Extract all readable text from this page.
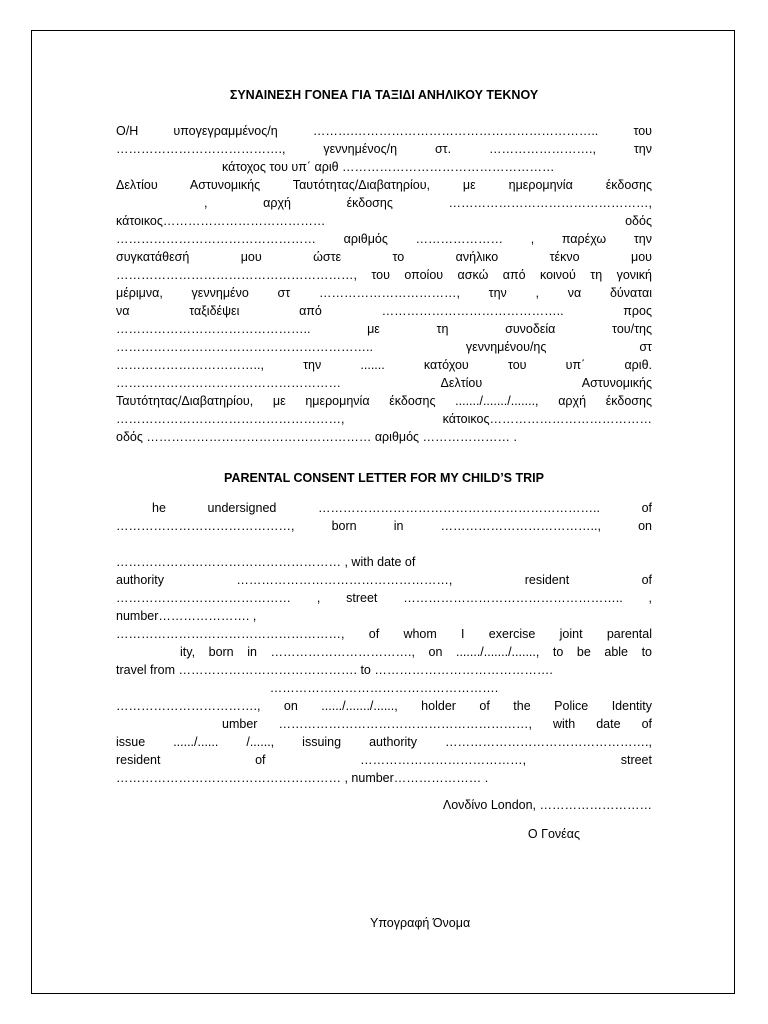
ΣΥΝΑΙΝΕΣΗ ΓΟΝΕΑ ΓΙΑ ΤΑΞΙΔΙ ΑΝΗΛΙΚΟΥ ΤΕΚΝΟΥ
Ο/Η υπογεγραμμένος/η ……….………………………………………………….. του
…………………………………., γεννημένος/η στ. ……………………., την
κάτοχος του υπ΄ αριθ ……………………………………………
Δελτίου Αστυνομικής Ταυτότητας/Διαβατηρίου, με ημερομηνία έκδοσης
, αρχή έκδοσης …………………………………………,
κάτοικος………………………………… οδός
………………………………………… αριθμός ………………… , παρέχω την
συγκατάθεσή μου ώστε το ανήλικο τέκνο μου
…………………………………………………, του οποίου ασκώ από κοινού τη γονική
μέριμνα, γεννημένο στ ……………………………, την , να δύναται
να ταξιδέψει από …………………………………….. προς
……………………………………….. με τη συνοδεία του/της
…………………………………………………….. γεννημένου/ης στ
…………………………….., την ....... κατόχου του υπ΄ αριθ.
……………………………………………… Δελτίου Αστυνομικής
Ταυτότητας/Διαβατηρίου, με ημερομηνία έκδοσης ......./......./......., αρχή έκδοσης
………………………………………………, κάτοικος…………………………………
οδός ……………………………………………… αριθμός ………………… .
PARENTAL CONSENT LETTER FOR MY CHILD’S TRIP
he undersigned ………………………………………………………….. of
……………………………………, born in ……………………………….., on
……………………………………………… , with date of
authority ……………………………………………, resident of
…………………………………… , street …………………………………………….. ,
number…………………. ,
………………………………………………, of whom I exercise joint parental
ity, born in ……………………………., on ......./......./......., to be able to
travel from ……………………………………. to …………………………………….
……………………………………………….
……………………………., on ....../......./......, holder of the Police Identity
umber ……………………………………………………, with date of
issue ....../...... /......, issuing authority ………………………………………….,
resident of …………………………………, street
……………………………………………… , number………………… .
Λονδίνο London, ………………………
Ο Γονέας
Υπογραφή Όνομα
